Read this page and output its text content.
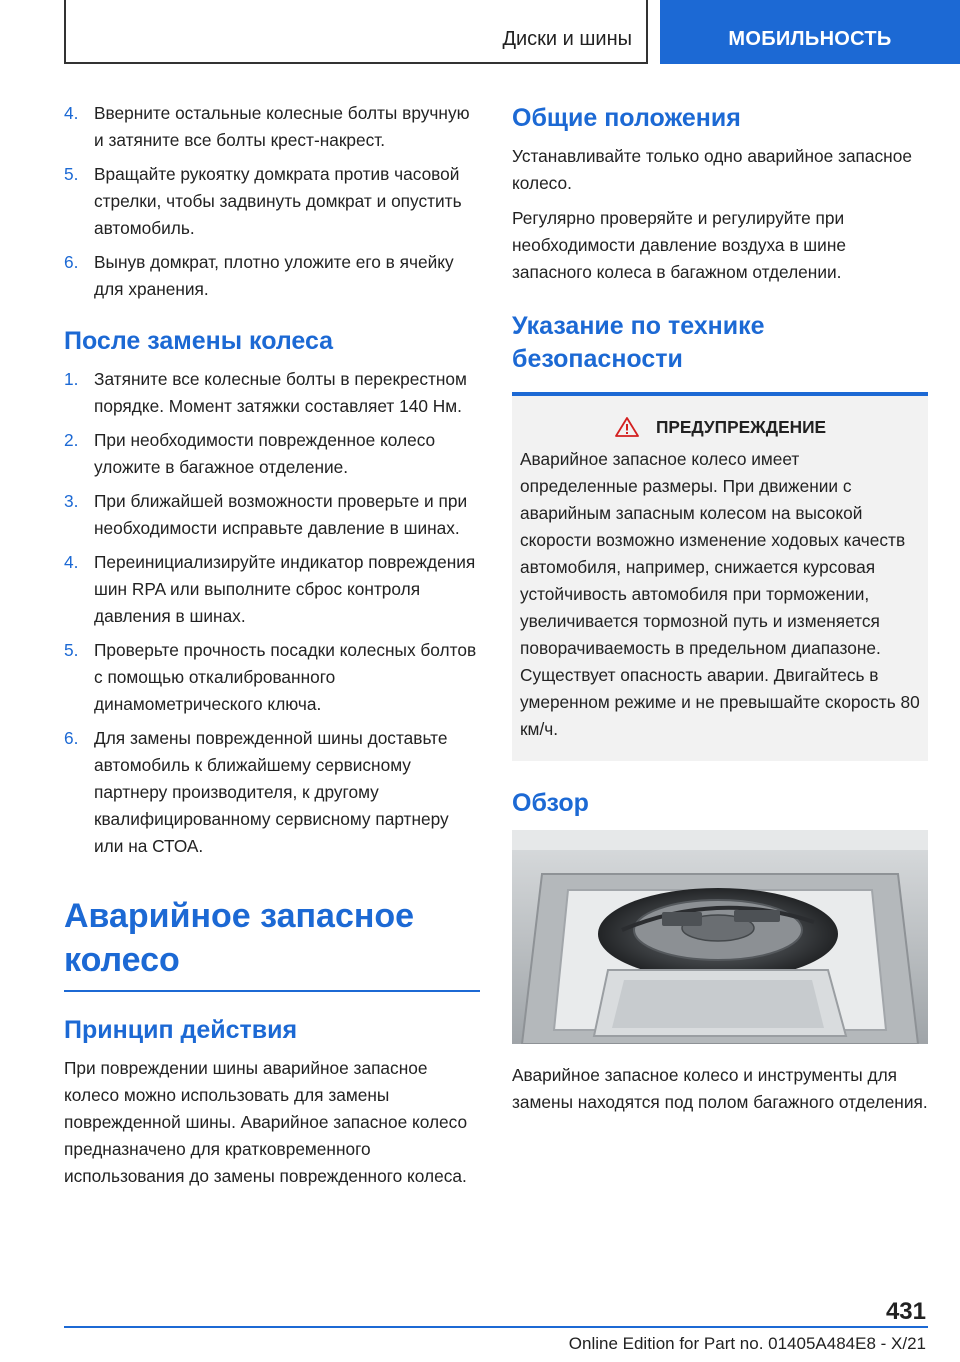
Диски и шины	МОБИЛЬНОСТЬ
4. Вверните остальные колесные болты вручную и затяните все болты крест-накрест.
5. Вращайте рукоятку домкрата против часовой стрелки, чтобы задвинуть домкрат и опустить автомобиль.
6. Вынув домкрат, плотно уложите его в ячейку для хранения.
После замены колеса
1. Затяните все колесные болты в перекрестном порядке. Момент затяжки составляет 140 Нм.
2. При необходимости поврежденное колесо уложите в багажное отделение.
3. При ближайшей возможности проверьте и при необходимости исправьте давление в шинах.
4. Переинициализируйте индикатор повреждения шин RPA или выполните сброс контроля давления в шинах.
5. Проверьте прочность посадки колесных болтов с помощью откалиброванного динамометрического ключа.
6. Для замены поврежденной шины доставьте автомобиль к ближайшему сервисному партнеру производителя, к другому квалифицированному сервисному партнеру или на СТОА.
Аварийное запасное колесо
Принцип действия

При повреждении шины аварийное запасное колесо можно использовать для замены поврежденной шины. Аварийное запасное колесо предназначено для кратковременного использования до замены поврежденного колеса.

Общие положения

Устанавливайте только одно аварийное запасное колесо.

Регулярно проверяйте и регулируйте при необходимости давление воздуха в шине запасного колеса в багажном отделении.

Указание по технике безопасности
ПРЕДУПРЕЖДЕНИЕ
Аварийное запасное колесо имеет определенные размеры. При движении с аварийным запасным колесом на высокой скорости возможно изменение ходовых качеств автомобиля, например, снижается курсовая устойчивость автомобиля при торможении, увеличивается тормозной путь и изменяется поворачиваемость в предельном диапазоне. Существует опасность аварии. Двигайтесь в умеренном режиме и не превышайте скорость 80 км/ч.
Обзор
Аварийное запасное колесо и инструменты для замены находятся под полом багажного отделения.
431
Online Edition for Part no. 01405A484E8 - X/21
